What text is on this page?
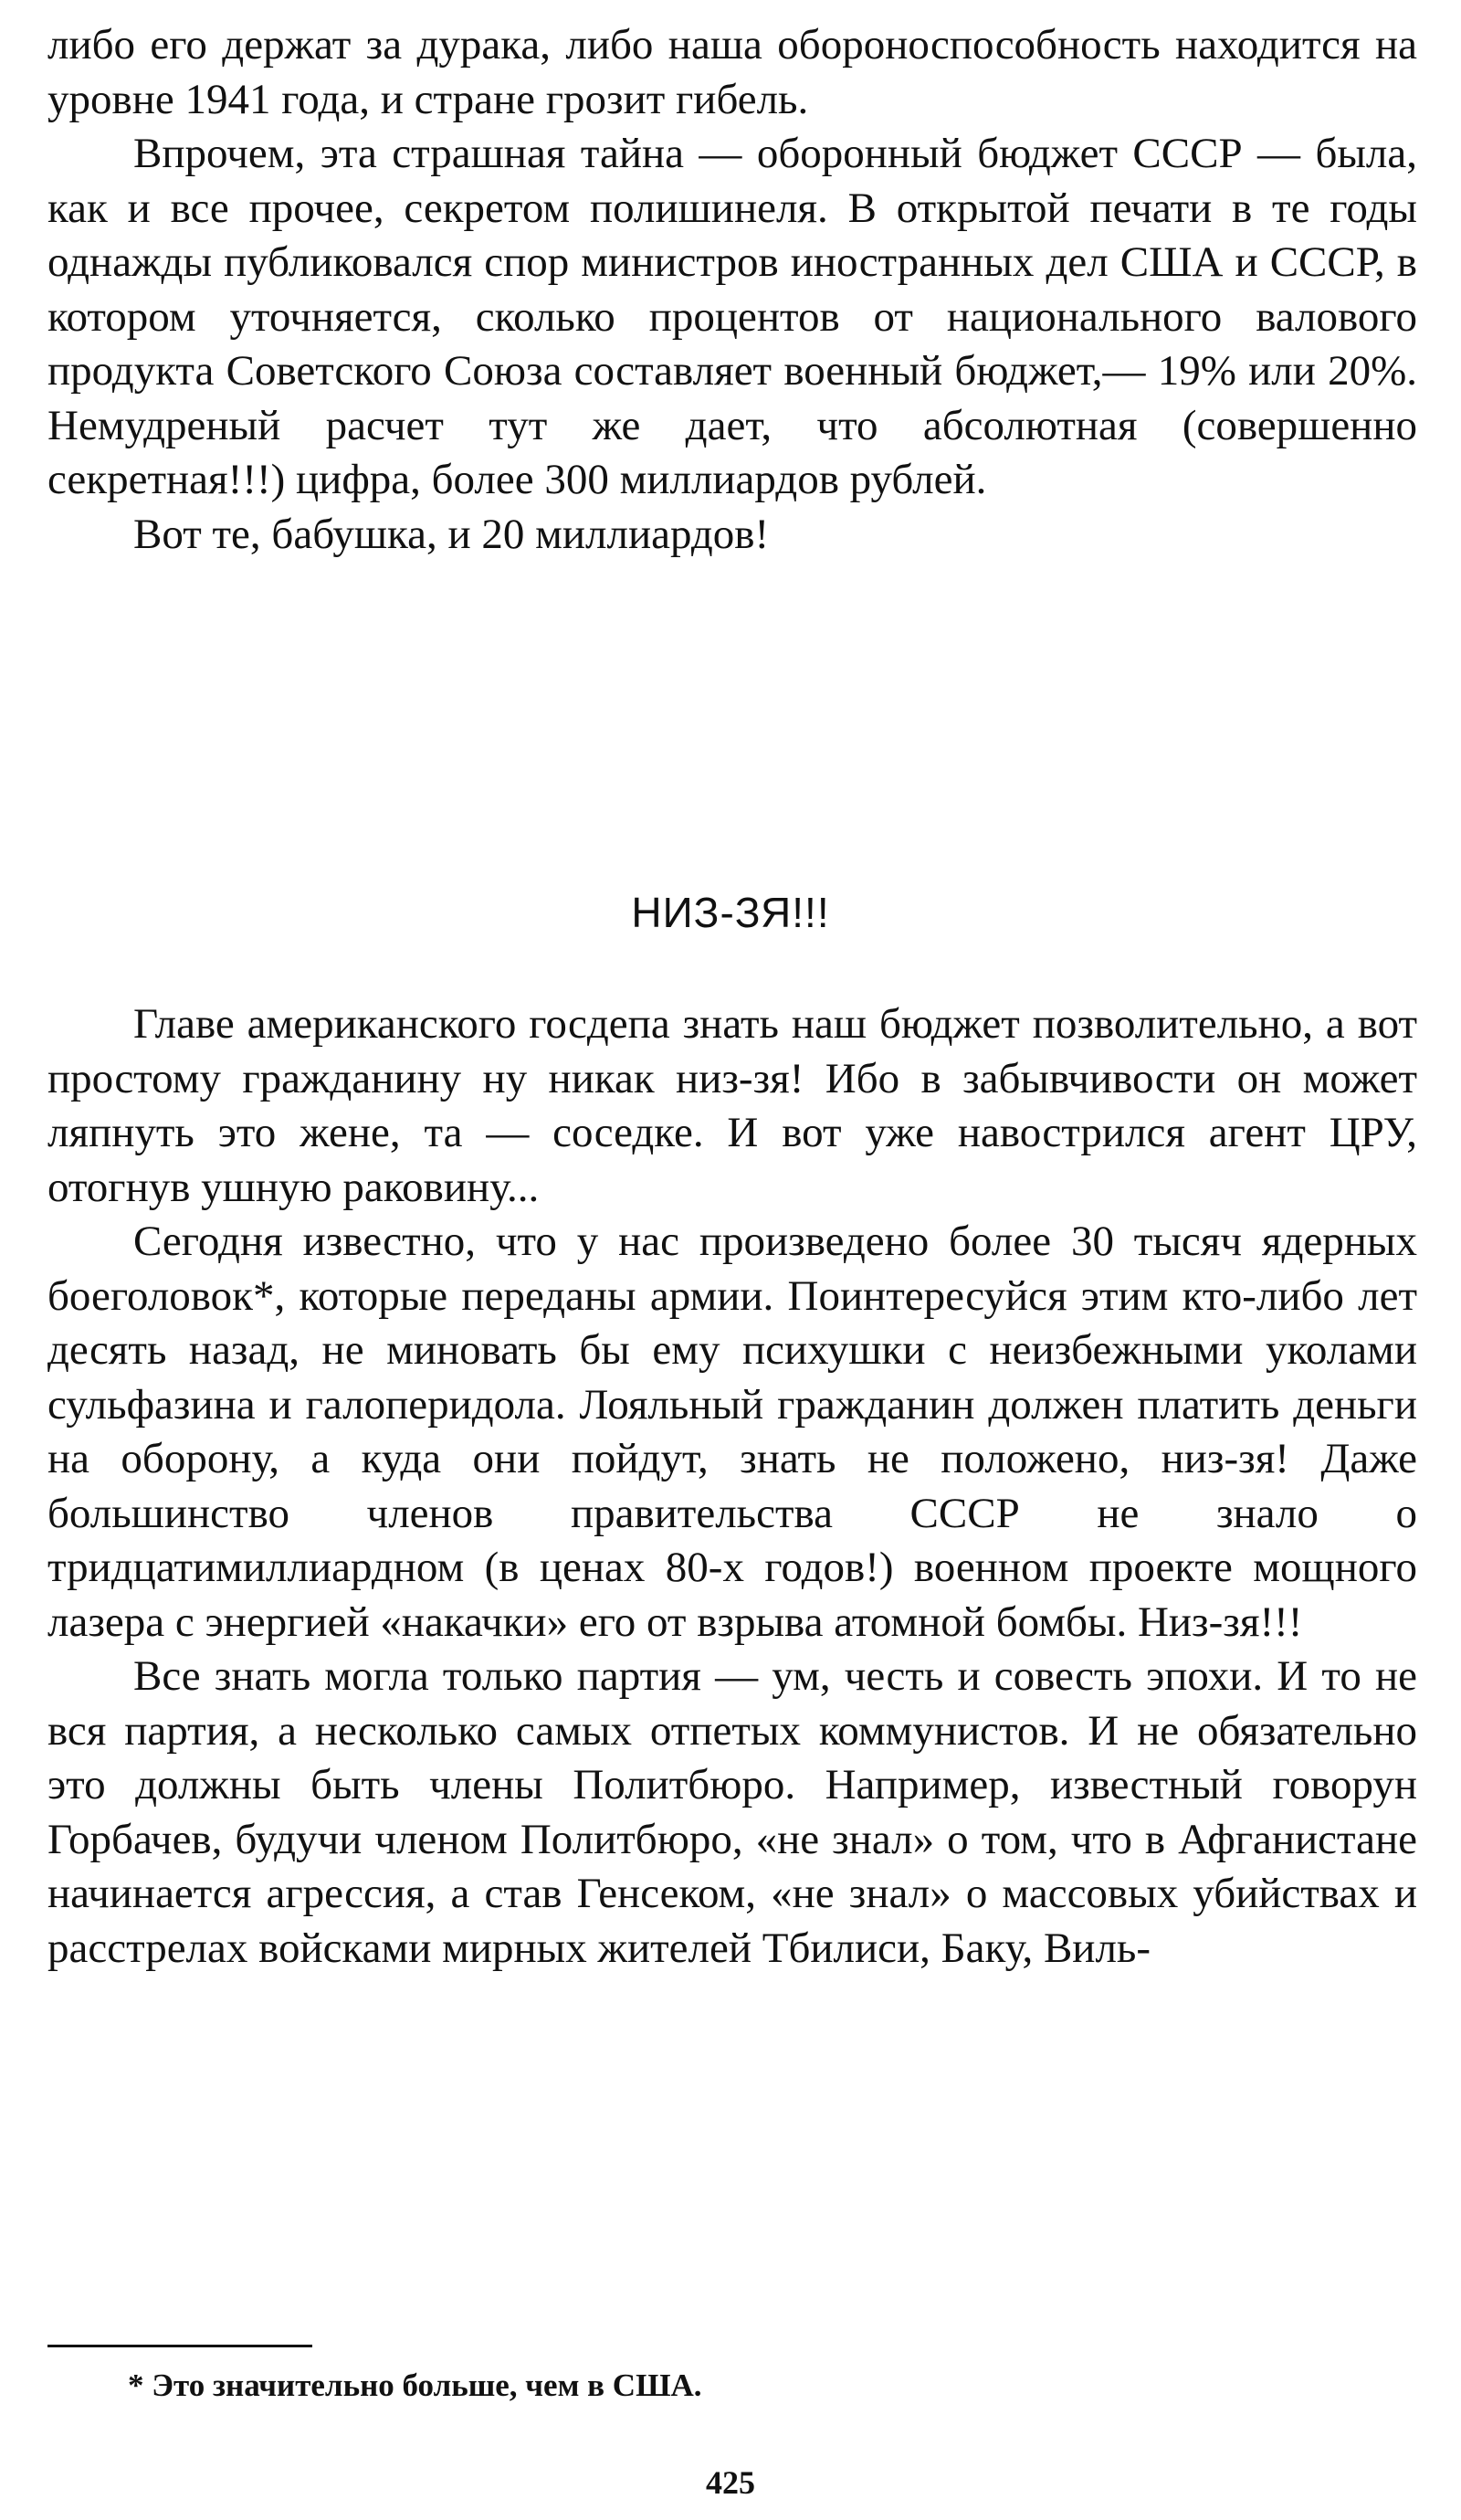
либо его держат за дурака, либо наша обороноспособность находится на уровне 1941 года, и стране грозит гибель.

Впрочем, эта страшная тайна — оборонный бюджет СССР — была, как и все прочее, секретом полишинеля. В открытой печати в те годы однажды публиковался спор министров иностранных дел США и СССР, в котором уточняется, сколько процентов от национального валового продукта Советского Союза составляет военный бюджет,— 19% или 20%. Немудреный расчет тут же дает, что абсолютная (совершенно секретная!!!) цифра, более 300 миллиардов рублей.

Вот те, бабушка, и 20 миллиардов!

НИЗ-ЗЯ!!!

Главе американского госдепа знать наш бюджет позволительно, а вот простому гражданину ну никак низ-зя! Ибо в забывчивости он может ляпнуть это жене, та — соседке. И вот уже навострился агент ЦРУ, отогнув ушную раковину...

Сегодня известно, что у нас произведено более 30 тысяч ядерных боеголовок*, которые переданы армии. Поинтересуйся этим кто-либо лет десять назад, не миновать бы ему психушки с неизбежными уколами сульфазина и галоперидола. Лояльный гражданин должен платить деньги на оборону, а куда они пойдут, знать не положено, низ-зя! Даже большинство членов правительства СССР не знало о тридцатимиллиардном (в ценах 80-х годов!) военном проекте мощного лазера с энергией «накачки» его от взрыва атомной бомбы. Низ-зя!!!

Все знать могла только партия — ум, честь и совесть эпохи. И то не вся партия, а несколько самых отпетых коммунистов. И не обязательно это должны быть члены Политбюро. Например, известный говорун Горбачев, будучи членом Политбюро, «не знал» о том, что в Афганистане начинается агрессия, а став Генсеком, «не знал» о массовых убийствах и расстрелах войсками мирных жителей Тбилиси, Баку, Виль-

* Это значительно больше, чем в США.

425
